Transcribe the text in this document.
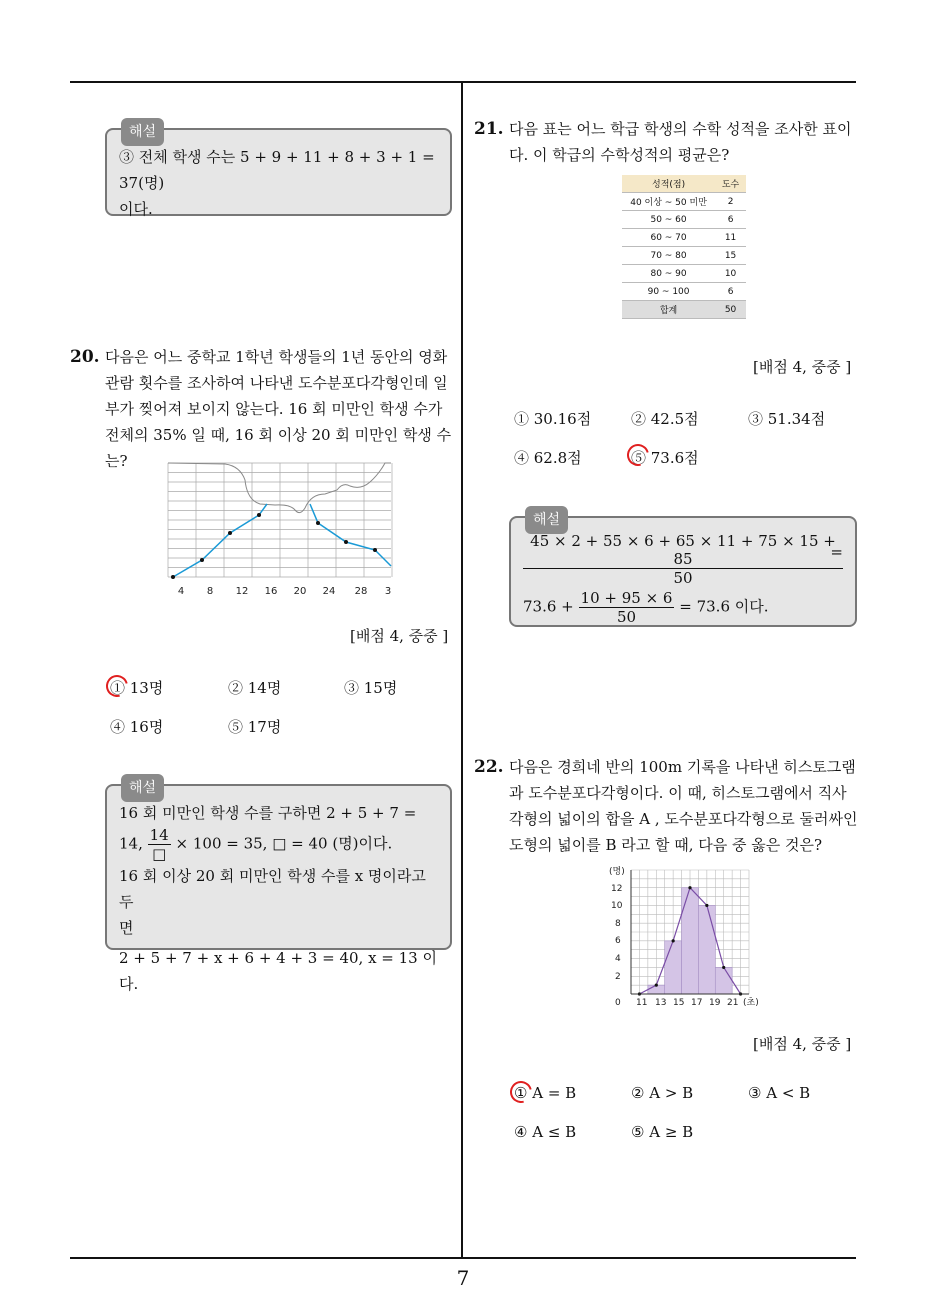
7
해설
③ 전체 학생 수는 5 + 9 + 11 + 8 + 3 + 1 = 37(명)
이다.
20. 다음은 어느 중학교 1학년 학생들의 1년 동안의 영화
관람 횟수를 조사하여 나타낸 도수분포다각형인데 일
부가 찢어져 보이지 않는다. 16 회 미만인 학생 수가
전체의 35% 일 때, 16 회 이상 20 회 미만인 학생 수는?
4 8 12 16 20 24 28 3
[배점 4, 중중 ]
① 13명	② 14명	③ 15명
④ 16명	⑤ 17명
해설
16 회 미만인 학생 수를 구하면 2 + 5 + 7 =
14, $\frac{14}{□} \times 100 = 35$, □ = 40 (명)이다.
16 회 이상 20 회 미만인 학생 수를 x 명이라고 두
면
2 + 5 + 7 + x + 6 + 4 + 3 = 40, x = 13 이다.
21. 다음 표는 어느 학급 학생의 수학 성적을 조사한 표이
다. 이 학급의 수학성적의 평균은?
성적(점)	도수
40 이상 ~ 50 미만	2
50 ~ 60	6
60 ~ 70	11
70 ~ 80	15
80 ~ 90	10
90 ~ 100	6
합계	50
[배점 4, 중중 ]
① 30.16점	② 42.5점	③ 51.34점
④ 62.8점	⑤ 73.6점
해설
$\frac{45 \times 2 + 55 \times 6 + 65 \times 11 + 75 \times 15 + 85}{50}$
=
$73.6 + \frac{10 + 95 \times 6}{50} = 73.6$ 이다.
22. 다음은 경희네 반의 100m 기록을 나타낸 히스토그램
과 도수분포다각형이다. 이 때, 히스토그램에서 직사
각형의 넓이의 합을 A , 도수분포다각형으로 둘러싸인
도형의 넓이를 B 라고 할 때, 다음 중 옳은 것은?
(명)
12
10
8
6
4
2
0 11 13 15 17 19 21 (초)
[배점 4, 중중 ]
① A = B	② A > B	③ A < B
④ A ≤ B	⑤ A ≥ B
